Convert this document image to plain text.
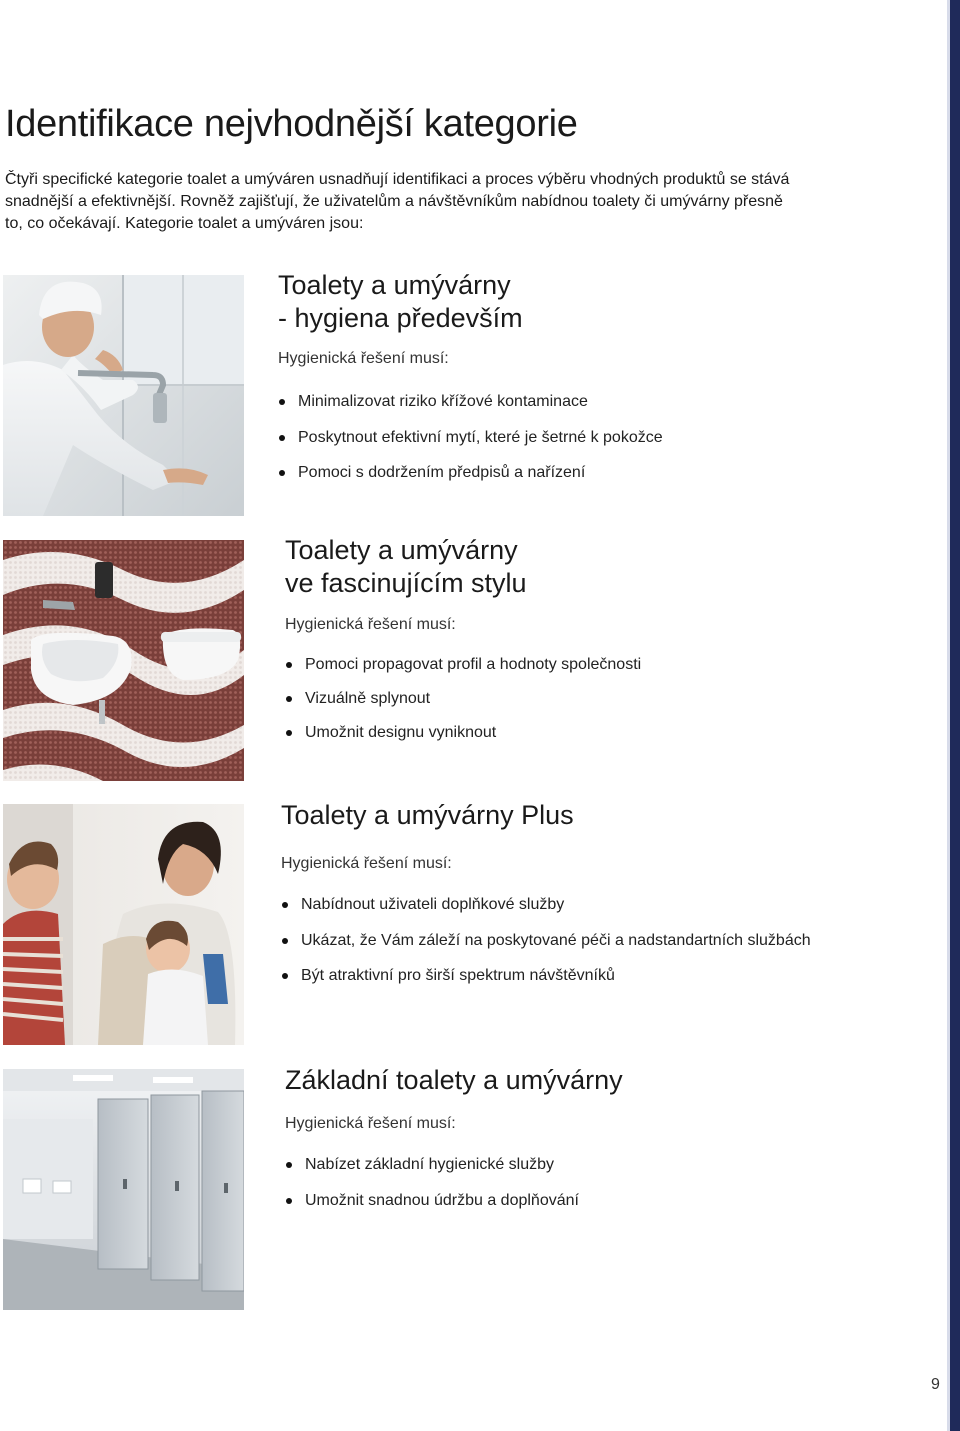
Identifikace nejvhodnější kategorie

Čtyři specifické kategorie toalet a umýváren usnadňují identifikaci a proces výběru vhodných produktů se stává snadnější a efektivnější. Rovněž zajišťují, že uživatelům a návštěvníkům nabídnou toalety či umývárny přesně to, co očekávají. Kategorie toalet a umýváren jsou:

Toalety a umývárny
- hygiena především

Hygienická řešení musí:

Minimalizovat riziko křížové kontaminace
Poskytnout efektivní mytí, které je šetrné k pokožce
Pomoci s dodržením předpisů a nařízení
Toalety a umývárny
ve fascinujícím stylu

Hygienická řešení musí:

Pomoci propagovat profil a hodnoty společnosti
Vizuálně splynout
Umožnit designu vyniknout
Toalety a umývárny Plus

Hygienická řešení musí:

Nabídnout uživateli doplňkové služby
Ukázat, že Vám záleží na poskytované péči a nadstandartních službách
Být atraktivní pro širší spektrum návštěvníků
Základní toalety a umývárny

Hygienická řešení musí:

Nabízet základní hygienické služby
Umožnit snadnou údržbu a doplňování
9
